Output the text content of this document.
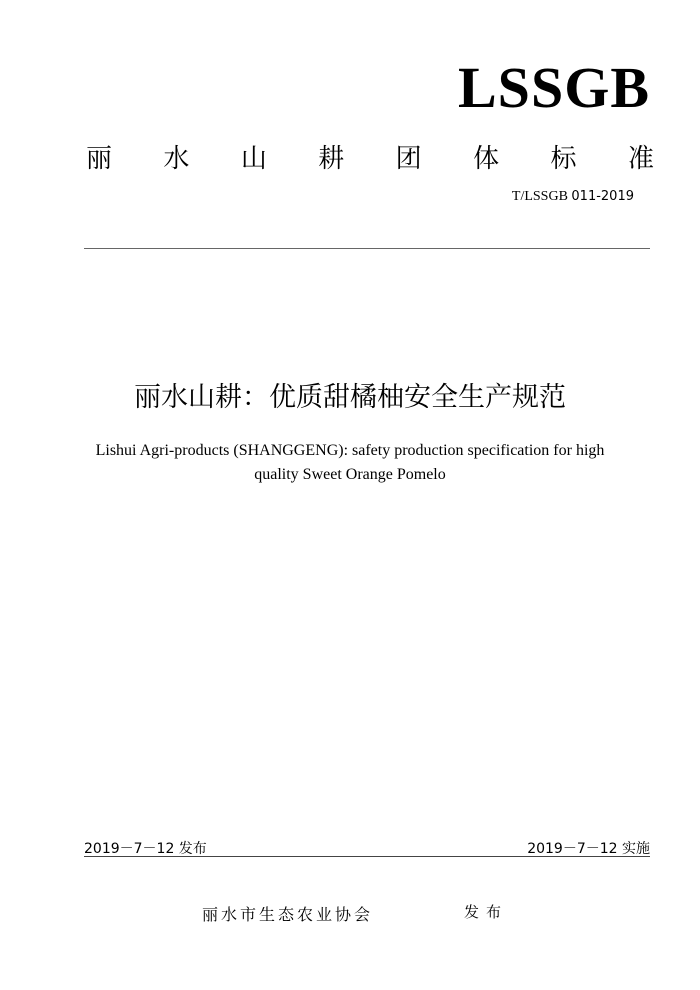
LSSGB
丽 水 山 耕 团 体 标 准
T/LSSGB 011-2019
丽水山耕：优质甜橘柚安全生产规范
Lishui Agri-products (SHANGGENG): safety production specification for high
quality Sweet Orange Pomelo
2019－7－12 发布	2019－7－12 实施
丽水市生态农业协会	发布
